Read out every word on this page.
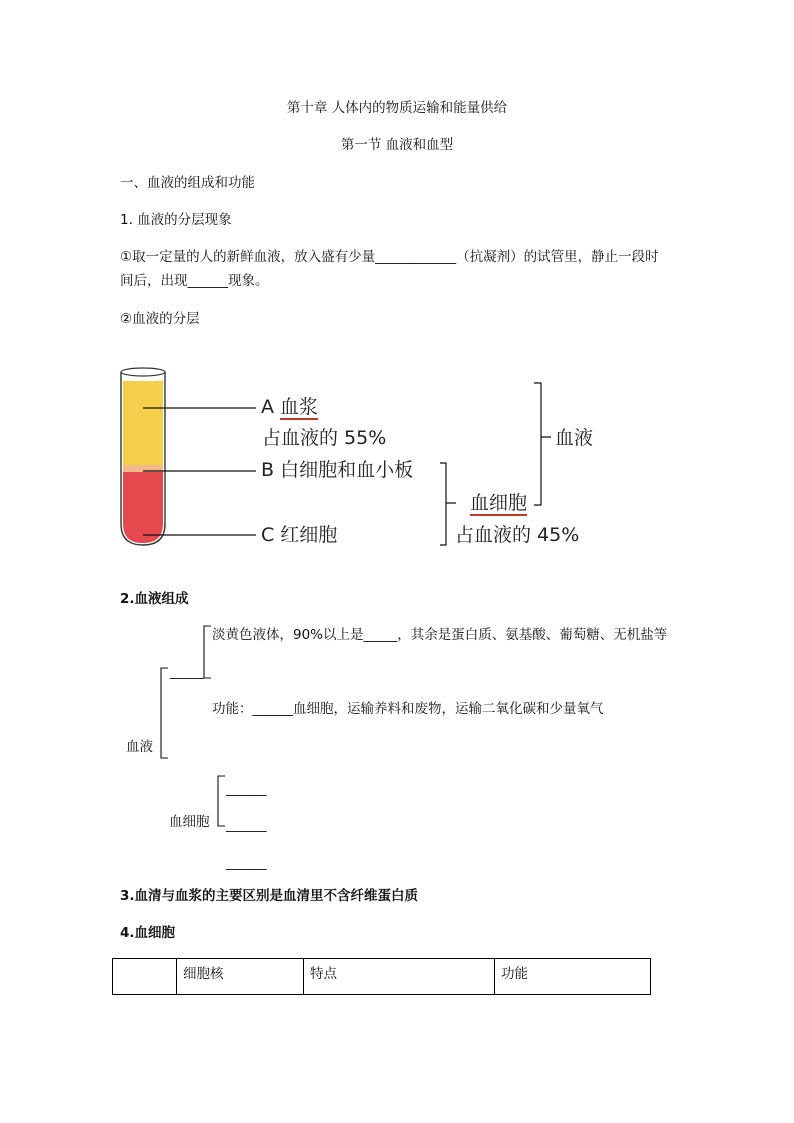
第十章 人体内的物质运输和能量供给
第一节 血液和血型
一、血液的组成和功能
1. 血液的分层现象
①取一定量的人的新鲜血液，放入盛有少量____________（抗凝剂）的试管里，静止一段时
间后，出现______现象。
②血液的分层
A 血浆
占血液的 55%
B 白细胞和血小板
C 红细胞
血细胞
占血液的 45%
血液
2.血液组成
_____
淡黄色液体，90%以上是_____，其余是蛋白质、氨基酸、葡萄糖、无机盐等
功能：______血细胞，运输养料和废物，运输二氧化碳和少量氧气
血液
血细胞
______
______
______
3.血清与血浆的主要区别是血清里不含纤维蛋白质
4.血细胞
	细胞核	特点	功能
